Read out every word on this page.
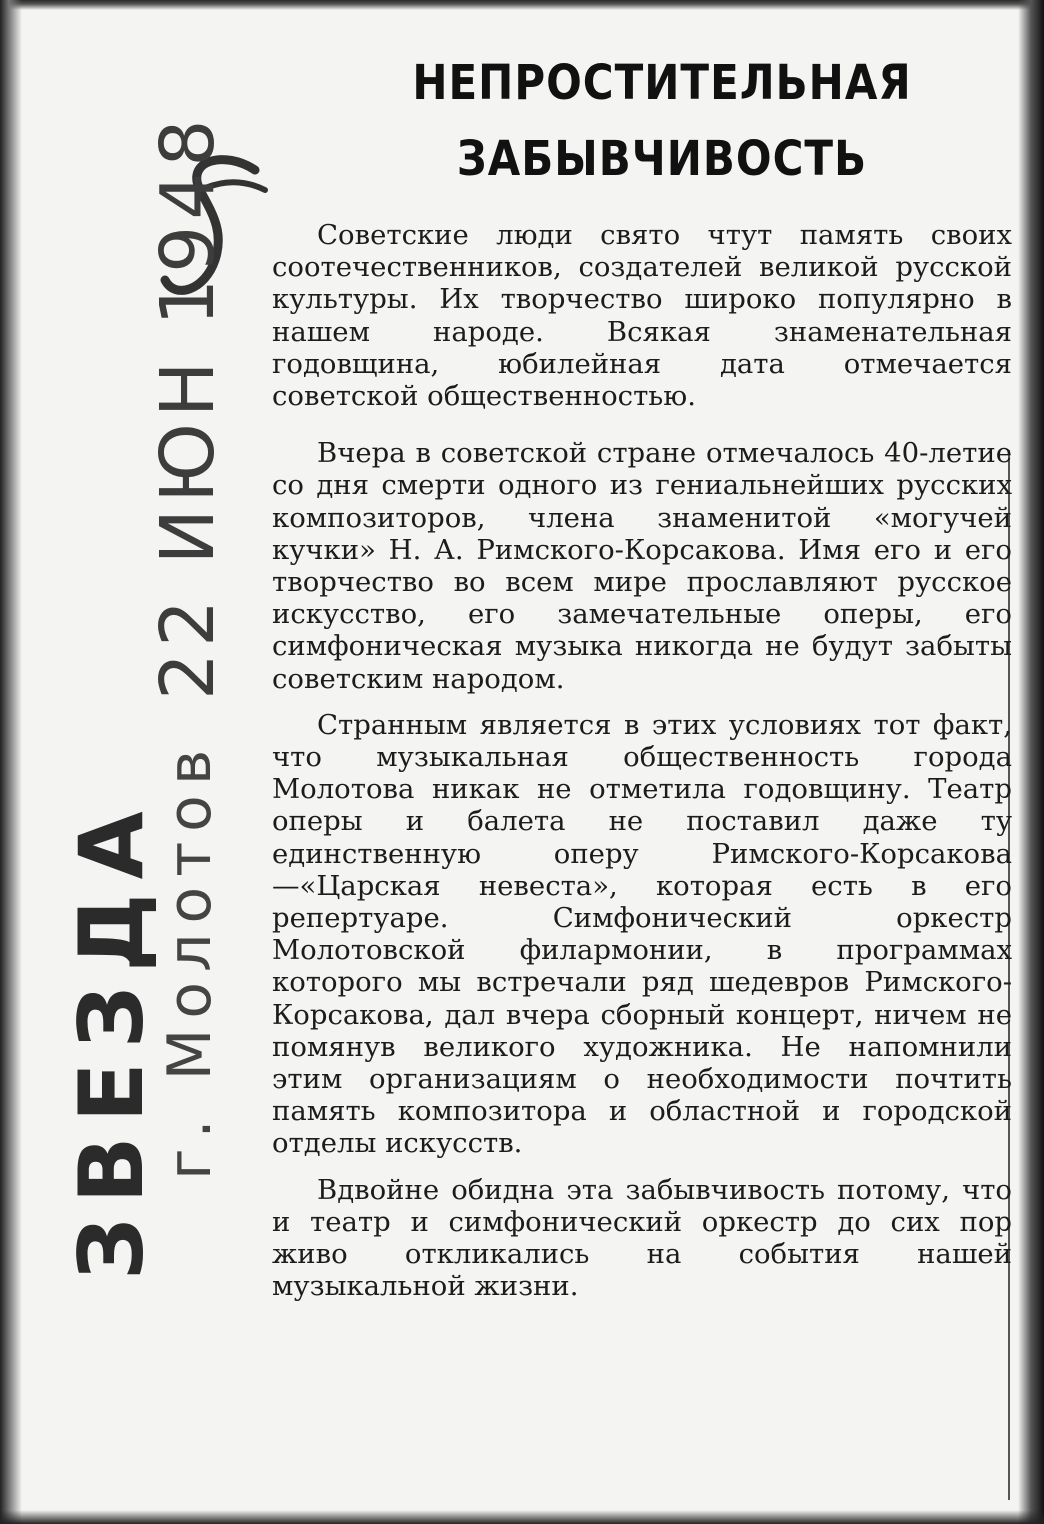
ЗВЕЗДА
г. Молотов
22 ИЮН 1948
НЕПРОСТИТЕЛЬНАЯ
ЗАБЫВЧИВОСТЬ

Советские люди свято чтут память своих соотечественников, создателей великой русской культуры. Их творчество широко популярно в нашем народе. Всякая знаменательная годовщина, юбилейная дата отмечается советской общественностью.

Вчера в советской стране отмечалось 40-летие со дня смерти одного из гениальнейших русских композиторов, члена знаменитой «могучей кучки» Н. А. Римского-Корсакова. Имя его и его творчество во всем мире прославляют русское искусство, его замечательные оперы, его симфоническая музыка никогда не будут забыты советским народом.

Странным является в этих условиях тот факт, что музыкальная общественность города Молотова никак не отметила годовщину. Театр оперы и балета не поставил даже ту единственную оперу Римского-Корсакова—«Царская невеста», которая есть в его репертуаре. Симфонический оркестр Молотовской филармонии, в программах которого мы встречали ряд шедевров Римского-Корсакова, дал вчера сборный концерт, ничем не помянув великого художника. Не напомнили этим организациям о необходимости почтить память композитора и областной и городской отделы искусств.

Вдвойне обидна эта забывчивость потому, что и театр и симфонический оркестр до сих пор живо откликались на события нашей музыкальной жизни.
